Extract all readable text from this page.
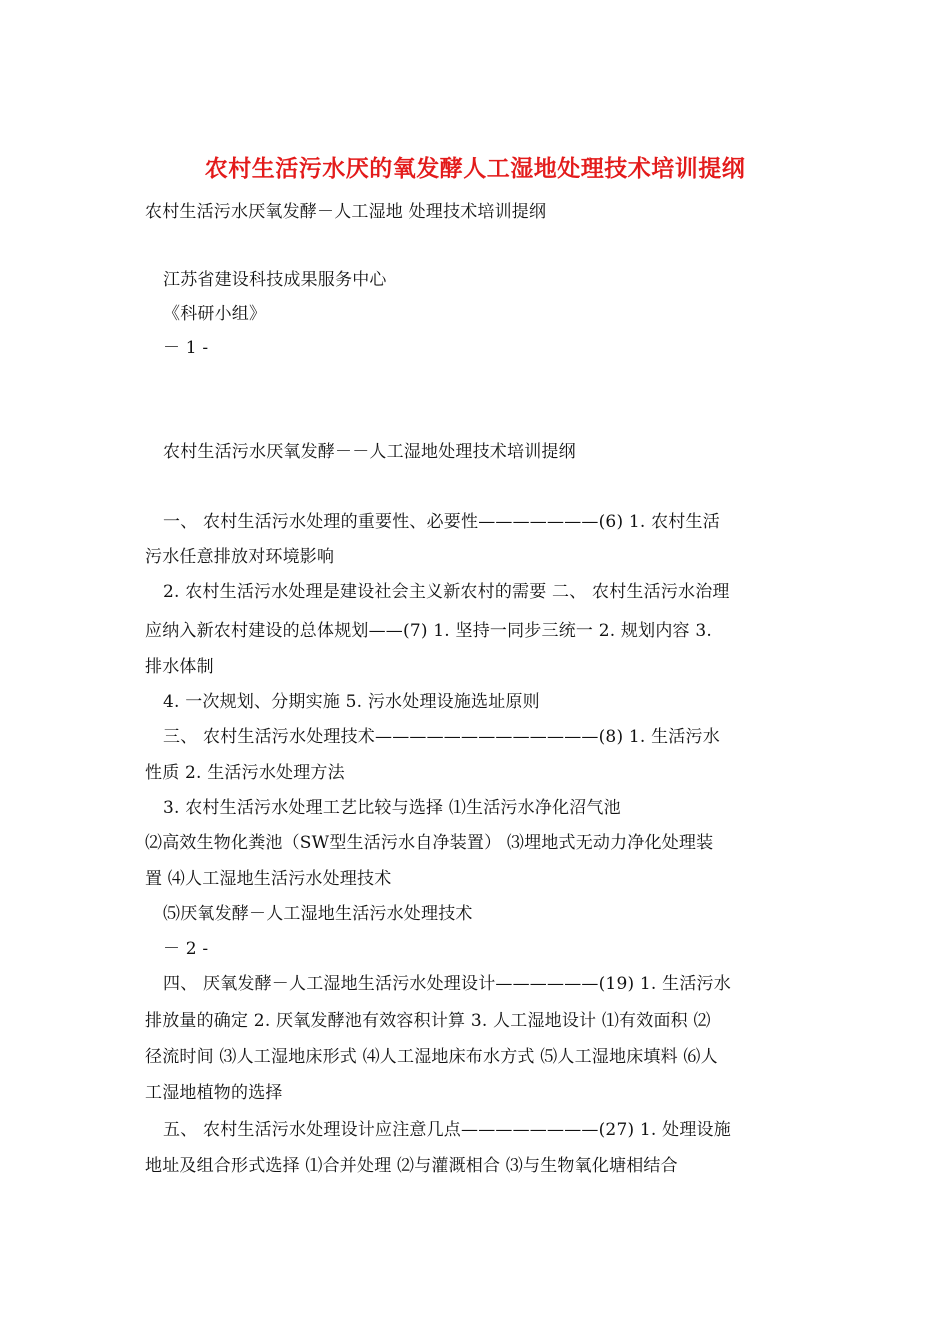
农村生活污水厌的氧发酵人工湿地处理技术培训提纲
农村生活污水厌氧发酵－人工湿地 处理技术培训提纲
江苏省建设科技成果服务中心
《科研小组》
－ 1 -
农村生活污水厌氧发酵－－人工湿地处理技术培训提纲
一、 农村生活污水处理的重要性、必要性———————(6) 1. 农村生活
污水任意排放对环境影响
2. 农村生活污水处理是建设社会主义新农村的需要 二、 农村生活污水治理
应纳入新农村建设的总体规划——(7) 1. 坚持一同步三统一 2. 规划内容 3.
排水体制
4. 一次规划、分期实施 5. 污水处理设施选址原则
三、 农村生活污水处理技术—————————————(8) 1. 生活污水
性质 2. 生活污水处理方法
3. 农村生活污水处理工艺比较与选择 ⑴生活污水净化沼气池
⑵高效生物化粪池（SW型生活污水自净装置） ⑶埋地式无动力净化处理装
置 ⑷人工湿地生活污水处理技术
⑸厌氧发酵－人工湿地生活污水处理技术
－ 2 -
四、 厌氧发酵－人工湿地生活污水处理设计——————(19) 1. 生活污水
排放量的确定 2. 厌氧发酵池有效容积计算 3. 人工湿地设计 ⑴有效面积 ⑵
径流时间 ⑶人工湿地床形式 ⑷人工湿地床布水方式 ⑸人工湿地床填料 ⑹人
工湿地植物的选择
五、 农村生活污水处理设计应注意几点————————(27) 1. 处理设施
地址及组合形式选择 ⑴合并处理 ⑵与灌溉相合 ⑶与生物氧化塘相结合
